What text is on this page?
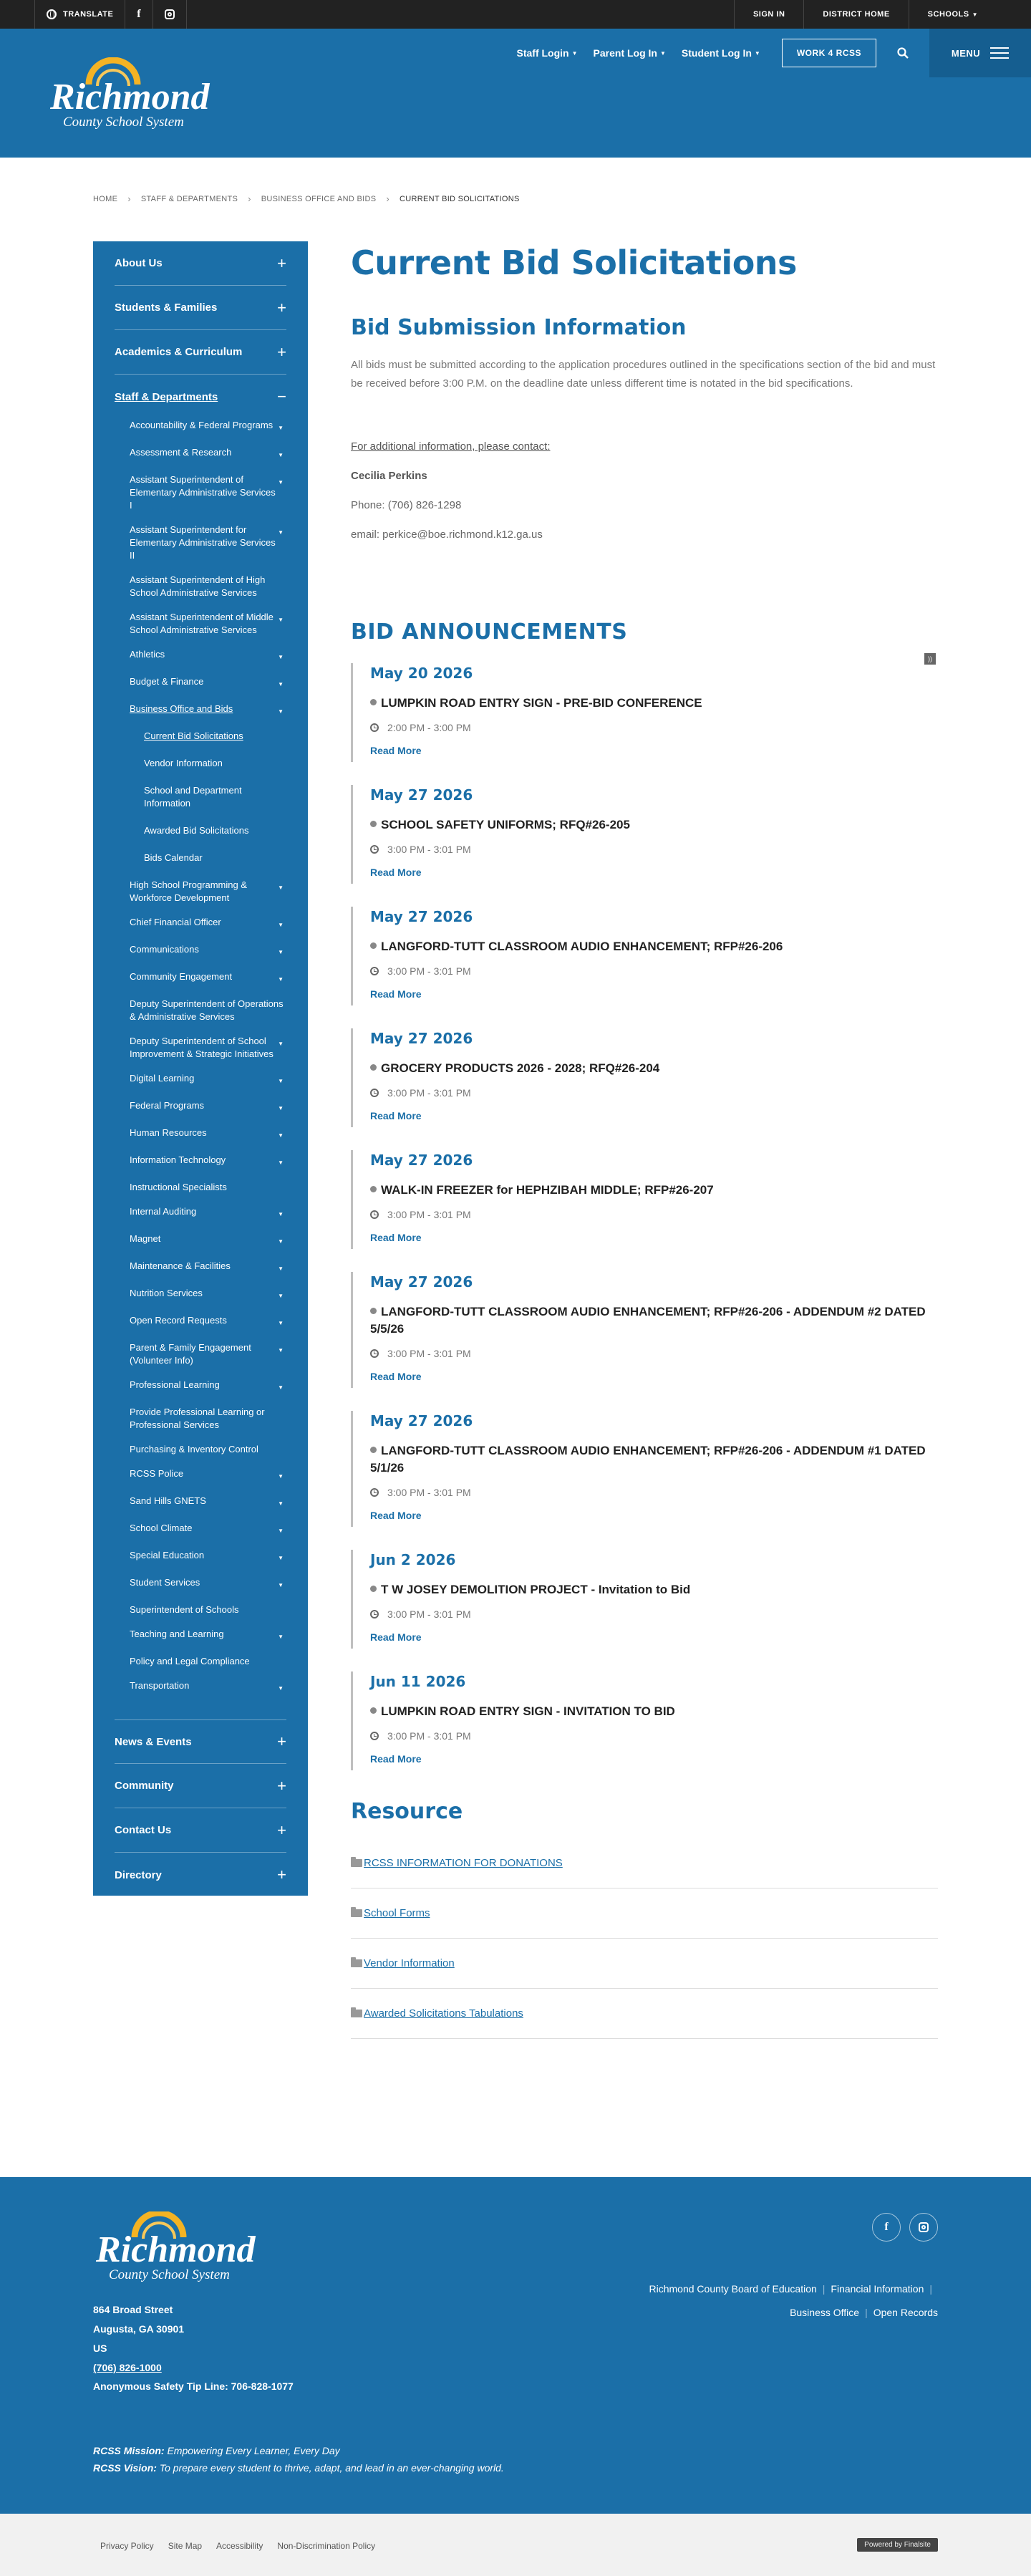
TRANSLATE f	SIGN IN	DISTRICT HOME	SCHOOLS ▼
Richmond
County School System
Staff Login ▼ Parent Log In ▼ Student Log In ▼	WORK 4 RCSS	MENU
HOME › STAFF & DEPARTMENTS › BUSINESS OFFICE AND BIDS › CURRENT BID SOLICITATIONS
About Us	+
Students & Families	+
Academics & Curriculum +
Staff & Departments	−
Accountability & Federal Programs ▼
Assessment & Research	▼
Assistant Superintendent of Elementary Administrative Services I
▼
Assistant Superintendent for Elementary Administrative Services II
▼
Assistant Superintendent of High School Administrative Services
Assistant Superintendent of Middle School Administrative Services
▼
Athletics	▼
Budget & Finance	▼
Business Office and Bids	▼
Current Bid Solicitations
Vendor Information
School and Department Information
Awarded Bid Solicitations
Bids Calendar
High School Programming & Workforce Development
▼
Chief Financial Officer	▼
Communications	▼
Community Engagement	▼
Deputy Superintendent of Operations & Administrative Services
Deputy Superintendent of School Improvement & Strategic Initiatives
▼
Digital Learning	▼
Federal Programs	▼
Human Resources	▼
Information Technology	▼
Instructional Specialists
Internal Auditing	▼
Magnet	▼
Maintenance & Facilities	▼
Nutrition Services	▼
Open Record Requests	▼
Parent & Family Engagement (Volunteer Info)
▼
Professional Learning	▼
Provide Professional Learning or Professional Services
Purchasing & Inventory Control
RCSS Police	▼
Sand Hills GNETS	▼
School Climate	▼
Special Education	▼
Student Services	▼
Superintendent of Schools
Teaching and Learning	▼
Policy and Legal Compliance
Transportation	▼
News & Events	+
Community	+
Contact Us	+
Directory	+
Current Bid Solicitations
Bid Submission Information

All bids must be submitted according to the application procedures outlined in the specifications section of the bid and must be received before 3:00 P.M. on the deadline date unless different time is notated in the bid specifications.

For additional information, please contact:

Cecilia Perkins

Phone: (706) 826-1298

email: perkice@boe.richmond.k12.ga.us

BID ANNOUNCEMENTS
))
May 20 2026
LUMPKIN ROAD ENTRY SIGN - PRE-BID CONFERENCE
2:00 PM - 3:00 PM
Read More
May 27 2026
SCHOOL SAFETY UNIFORMS; RFQ#26-205
3:00 PM - 3:01 PM
Read More
May 27 2026
LANGFORD-TUTT CLASSROOM AUDIO ENHANCEMENT; RFP#26-206
3:00 PM - 3:01 PM
Read More
May 27 2026
GROCERY PRODUCTS 2026 - 2028; RFQ#26-204
3:00 PM - 3:01 PM
Read More
May 27 2026
WALK-IN FREEZER for HEPHZIBAH MIDDLE; RFP#26-207
3:00 PM - 3:01 PM
Read More
May 27 2026
LANGFORD-TUTT CLASSROOM AUDIO ENHANCEMENT; RFP#26-206 - ADDENDUM #2 DATED 5/5/26
3:00 PM - 3:01 PM
Read More
May 27 2026
LANGFORD-TUTT CLASSROOM AUDIO ENHANCEMENT; RFP#26-206 - ADDENDUM #1 DATED 5/1/26
3:00 PM - 3:01 PM
Read More
Jun 2 2026
T W JOSEY DEMOLITION PROJECT - Invitation to Bid
3:00 PM - 3:01 PM
Read More
Jun 11 2026
LUMPKIN ROAD ENTRY SIGN - INVITATION TO BID
3:00 PM - 3:01 PM
Read More
Resource
RCSS INFORMATION FOR DONATIONS
School Forms
Vendor Information
Awarded Solicitations Tabulations
Richmond
County School System
864 Broad Street
Augusta, GA 30901
US
(706) 826-1000
Anonymous Safety Tip Line: 706-828-1077
RCSS Mission: Empowering Every Learner, Every Day
RCSS Vision: To prepare every student to thrive, adapt, and lead in an ever-changing world.
f
Richmond County Board of Education | Financial Information |
Business Office | Open Records
Privacy Policy Site Map Accessibility Non-Discrimination Policy	Powered by Finalsite
